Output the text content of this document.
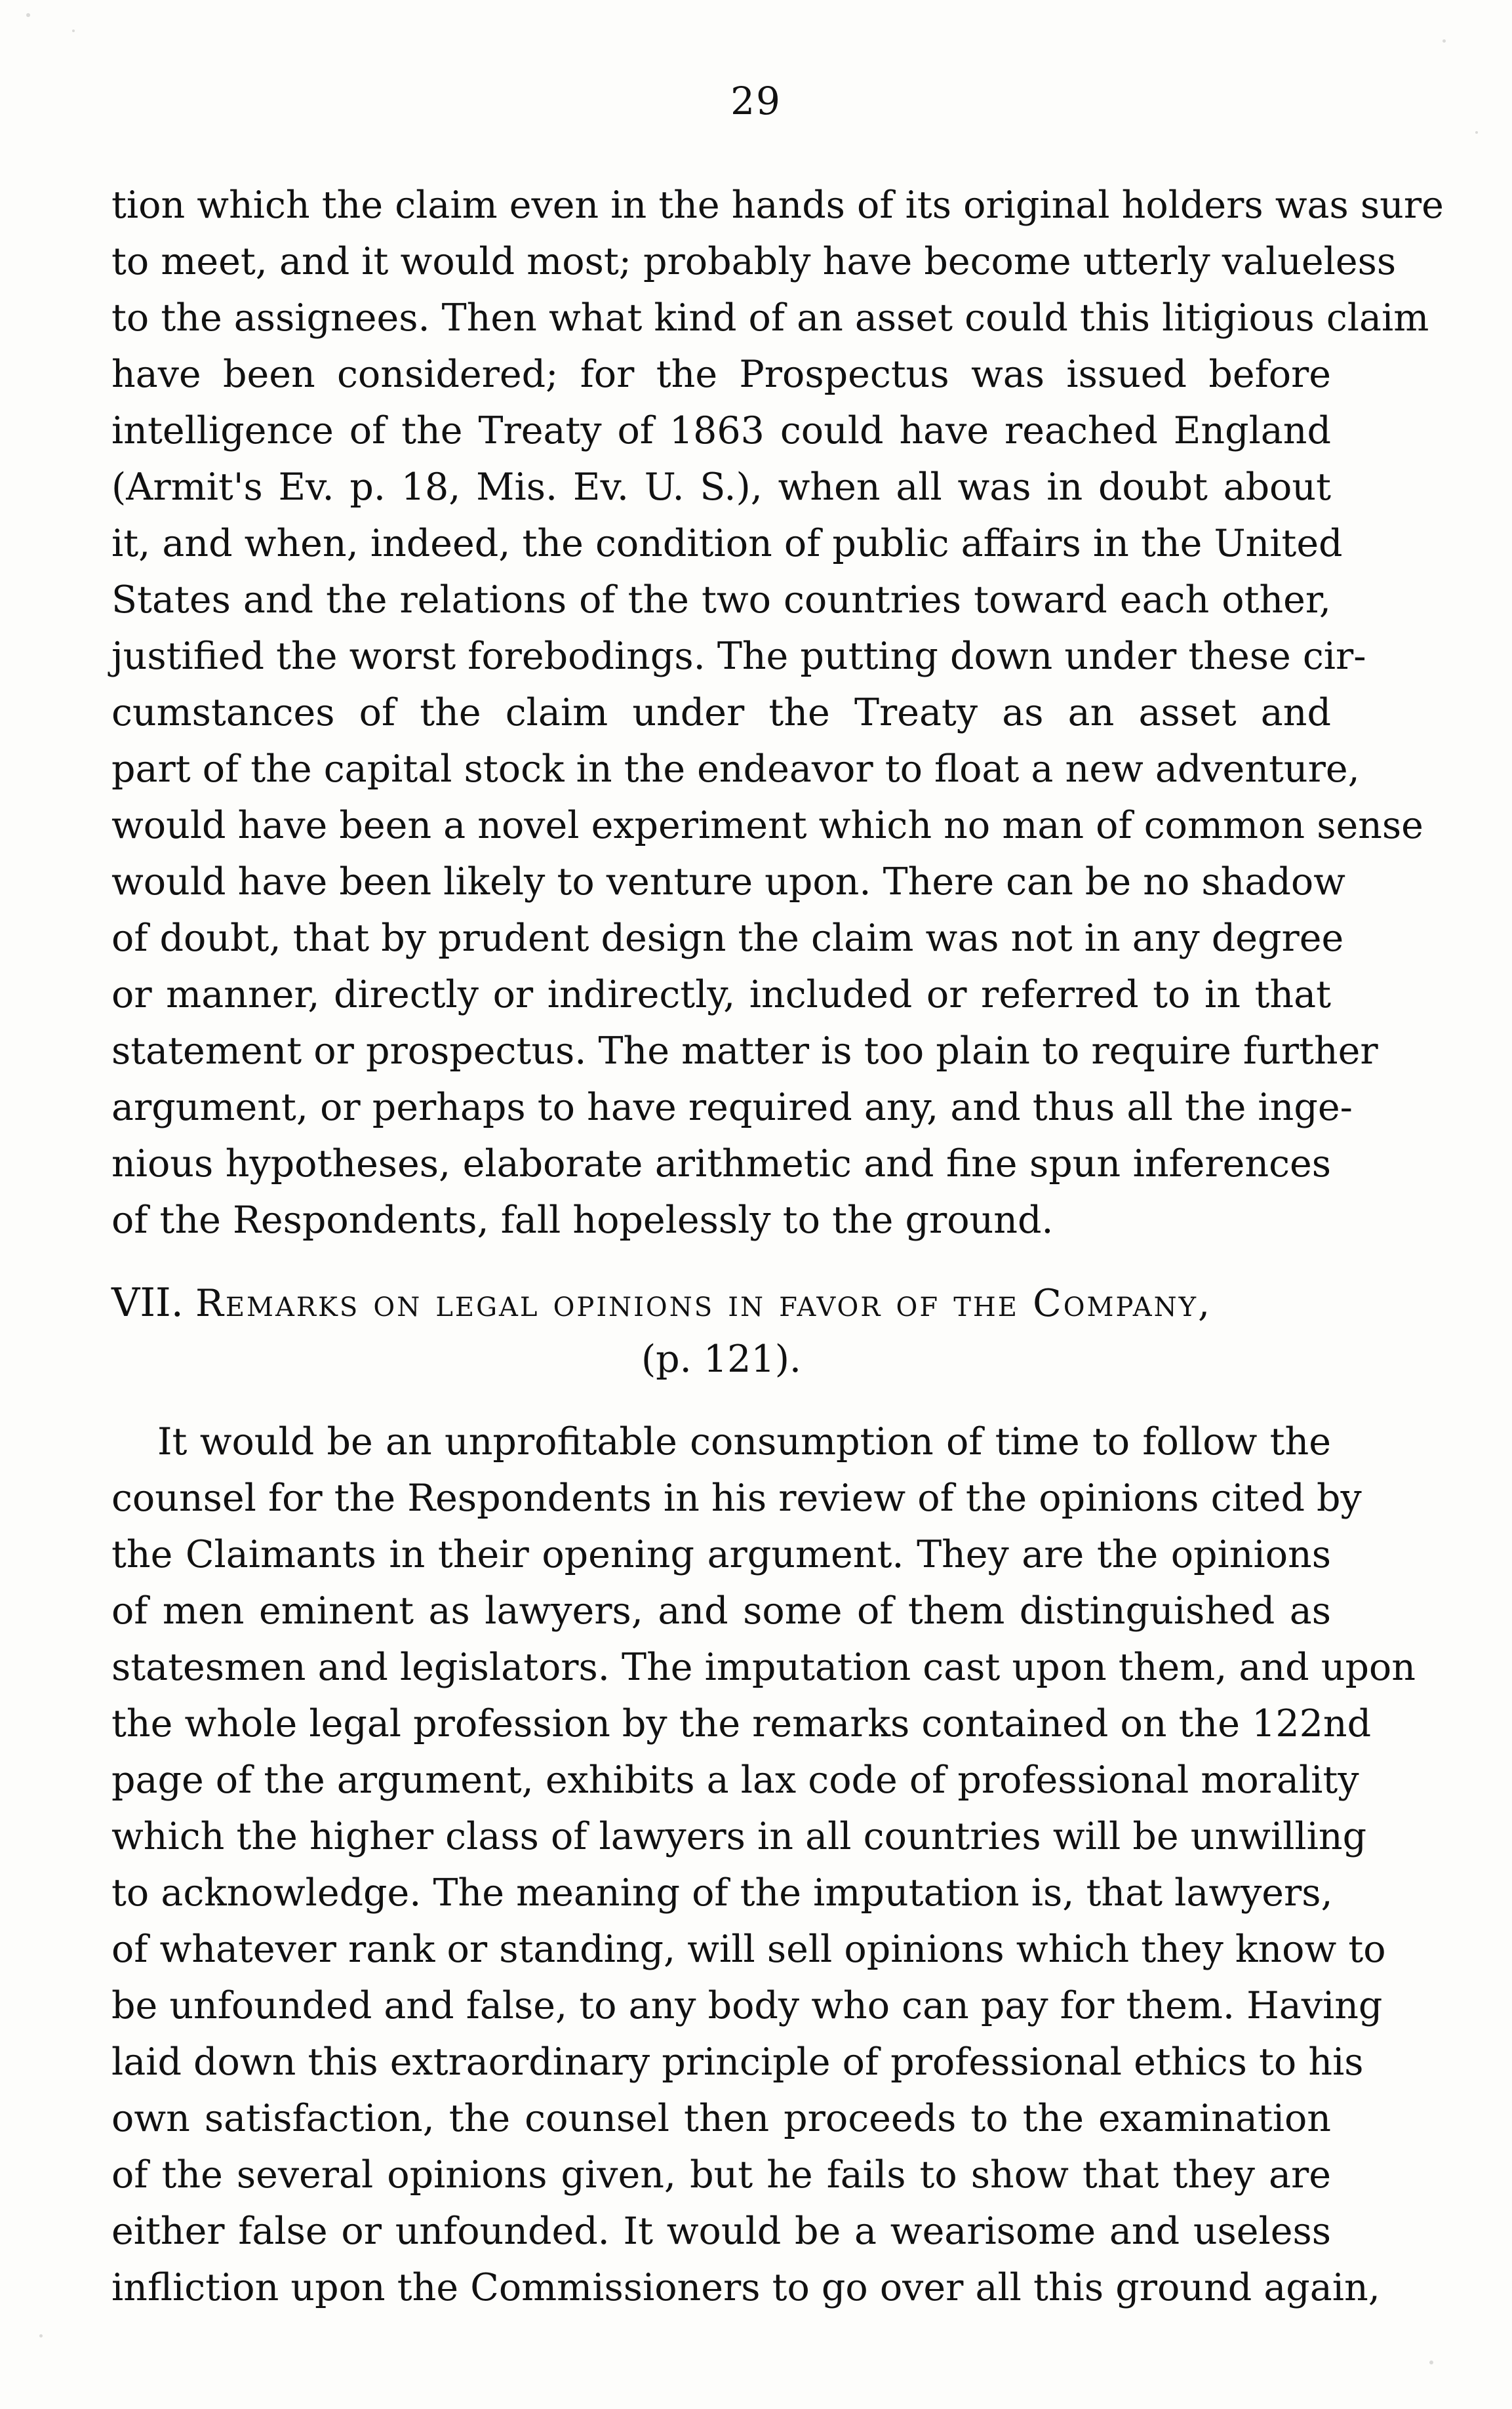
29
tion which the claim even in the hands of its original holders was sure
to meet, and it would most; probably have become utterly valueless
to the assignees. Then what kind of an asset could this litigious claim
have been considered; for the Prospectus was issued before
intelligence of the Treaty of 1863 could have reached England
(Armit's Ev. p. 18, Mis. Ev. U. S.), when all was in doubt about
it, and when, indeed, the condition of public affairs in the United
States and the relations of the two countries toward each other,
justified the worst forebodings. The putting down under these cir-
cumstances of the claim under the Treaty as an asset and
part of the capital stock in the endeavor to float a new adventure,
would have been a novel experiment which no man of common sense
would have been likely to venture upon. There can be no shadow
of doubt, that by prudent design the claim was not in any degree
or manner, directly or indirectly, included or referred to in that
statement or prospectus. The matter is too plain to require further
argument, or perhaps to have required any, and thus all the inge-
nious hypotheses, elaborate arithmetic and fine spun inferences
of the Respondents, fall hopelessly to the ground.
VII. Remarks on legal opinions in favor of the Company,
(p. 121).
It would be an unprofitable consumption of time to follow the
counsel for the Respondents in his review of the opinions cited by
the Claimants in their opening argument. They are the opinions
of men eminent as lawyers, and some of them distinguished as
statesmen and legislators. The imputation cast upon them, and upon
the whole legal profession by the remarks contained on the 122nd
page of the argument, exhibits a lax code of professional morality
which the higher class of lawyers in all countries will be unwilling
to acknowledge. The meaning of the imputation is, that lawyers,
of whatever rank or standing, will sell opinions which they know to
be unfounded and false, to any body who can pay for them. Having
laid down this extraordinary principle of professional ethics to his
own satisfaction, the counsel then proceeds to the examination
of the several opinions given, but he fails to show that they are
either false or unfounded. It would be a wearisome and useless
infliction upon the Commissioners to go over all this ground again,
